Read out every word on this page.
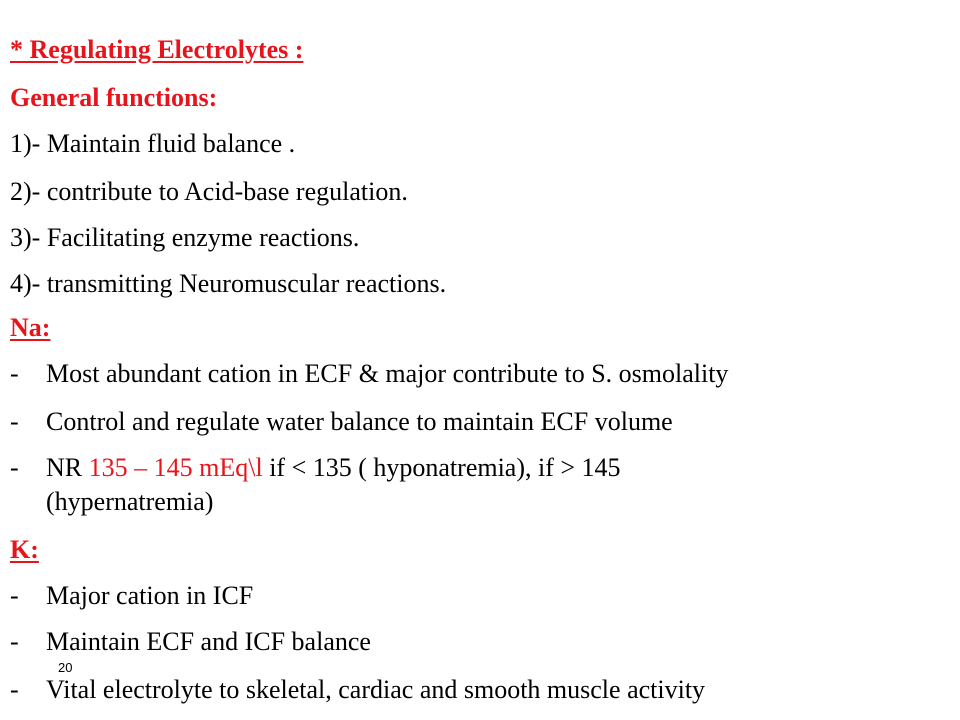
* Regulating Electrolytes :

General functions:

1)- Maintain fluid balance .

2)- contribute to Acid-base regulation.

3)- Facilitating enzyme reactions.

4)- transmitting Neuromuscular reactions.

Na:

- Most abundant cation in ECF & major contribute to S. osmolality
- Control and regulate water balance to maintain ECF volume
- NR 135 – 145 mEq\l if < 135 ( hyponatremia), if > 145
(hypernatremia)

K:

- Major cation in ICF
- Maintain ECF and ICF balance
- Vital electrolyte to skeletal, cardiac and smooth muscle activity
20
